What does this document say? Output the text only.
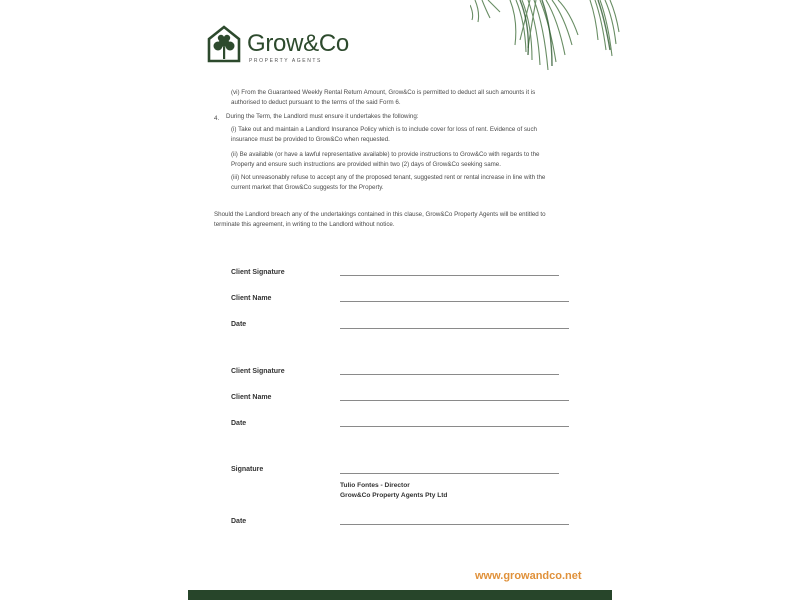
Grow&Co
PROPERTY AGENTS
(vi) From the Guaranteed Weekly Rental Return Amount, Grow&Co is permitted to deduct all such amounts it is
authorised to deduct pursuant to the terms of the said Form 6.
4. During the Term, the Landlord must ensure it undertakes the following:
(i) Take out and maintain a Landlord Insurance Policy which is to include cover for loss of rent. Evidence of such
insurance must be provided to Grow&Co when requested.
(ii) Be available (or have a lawful representative available) to provide instructions to Grow&Co with regards to the
Property and ensure such instructions are provided within two (2) days of Grow&Co seeking same.
(iii) Not unreasonably refuse to accept any of the proposed tenant, suggested rent or rental increase in line with the
current market that Grow&Co suggests for the Property.
Should the Landlord breach any of the undertakings contained in this clause, Grow&Co Property Agents will be entitled to
terminate this agreement, in writing to the Landlord without notice.
Client Signature
Client Name
Date
Client Signature
Client Name
Date
Signature
Tulio Fontes - Director
Grow&Co Property Agents Pty Ltd
Date
www.growandco.net
